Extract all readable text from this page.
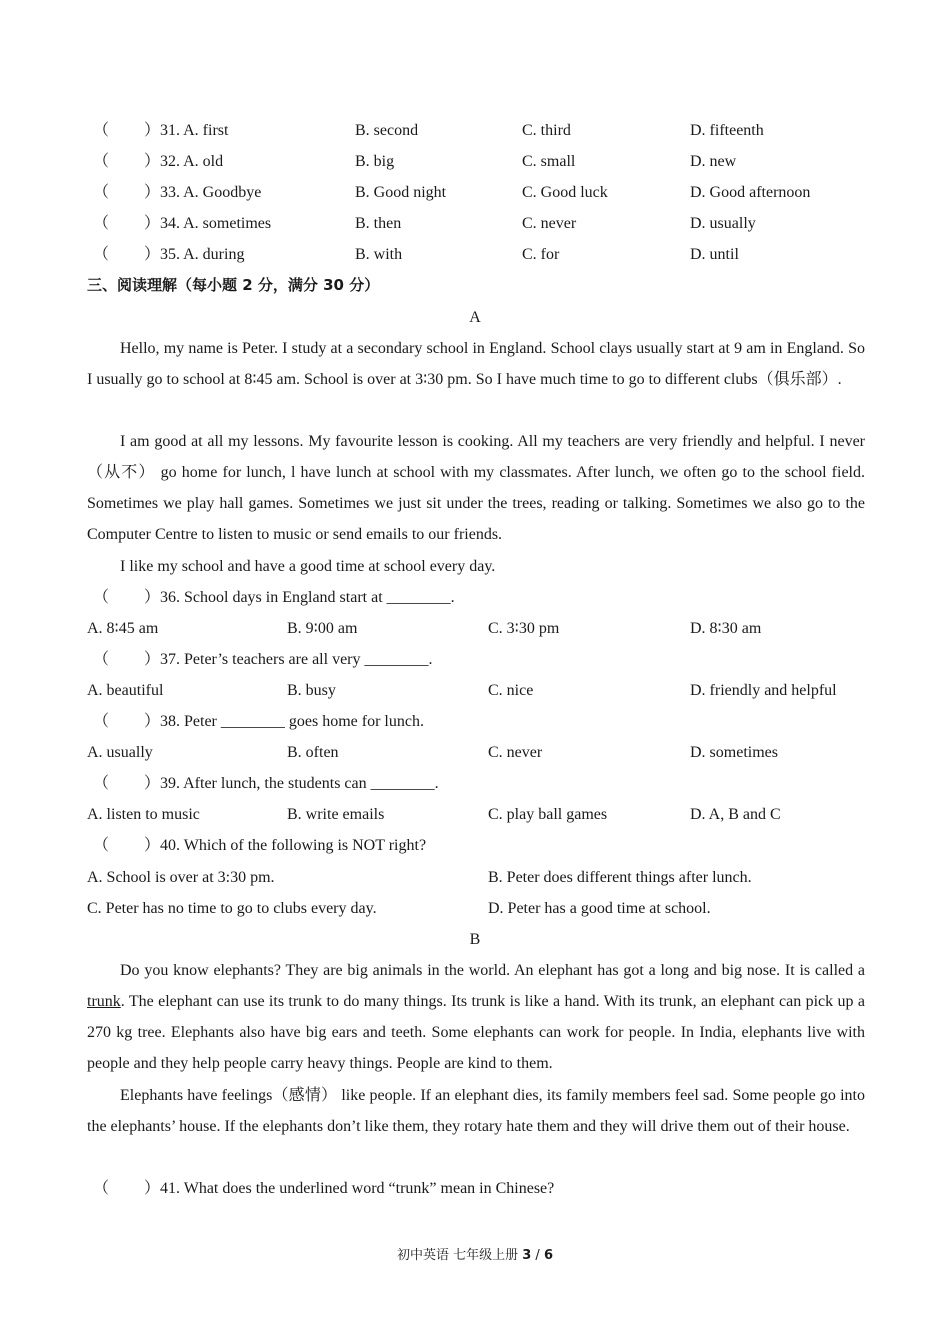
（ ）31. A. first	B. second	C. third	D. fifteenth
（ ）32. A. old	B. big	C. small	D. new
（ ）33. A. Goodbye	B. Good night	C. Good luck	D. Good afternoon
（ ）34. A. sometimes	B. then	C. never	D. usually
（ ）35. A. during	B. with	C. for	D. until
三、阅读理解（每小题 2 分，满分 30 分）
A

Hello, my name is Peter. I study at a secondary school in England. School clays usually start at 9 am in England. So I usually go to school at 8∶45 am. School is over at 3∶30 pm. So I have much time to go to different clubs（俱乐部）.

I am good at all my lessons. My favourite lesson is cooking. All my teachers are very friendly and helpful. I never（从不） go home for lunch, l have lunch at school with my classmates. After lunch, we often go to the school field. Sometimes we play hall games. Sometimes we just sit under the trees, reading or talking. Sometimes we also go to the Computer Centre to listen to music or send emails to our friends.

I like my school and have a good time at school every day.

（ ）36. School days in England start at ________.
A. 8∶45 am	B. 9∶00 am	C. 3∶30 pm	D. 8∶30 am
（ ）37. Peter’s teachers are all very ________.
A. beautiful	B. busy	C. nice	D. friendly and helpful
（ ）38. Peter ________ goes home for lunch.
A. usually	B. often	C. never	D. sometimes
（ ）39. After lunch, the students can ________.
A. listen to music	B. write emails	C. play ball games	D. A, B and C
（ ）40. Which of the following is NOT right?
A. School is over at 3:30 pm.	B. Peter does different things after lunch.
C. Peter has no time to go to clubs every day.	D. Peter has a good time at school.
B

Do you know elephants? They are big animals in the world. An elephant has got a long and big nose. It is called a trunk. The elephant can use its trunk to do many things. Its trunk is like a hand. With its trunk, an elephant can pick up a 270 kg tree. Elephants also have big ears and teeth. Some elephants can work for people. In India, elephants live with people and they help people carry heavy things. People are kind to them.

Elephants have feelings（感情） like people. If an elephant dies, its family members feel sad. Some people go into the elephants’ house. If the elephants don’t like them, they rotary hate them and they will drive them out of their house.

（ ）41. What does the underlined word “trunk” mean in Chinese?
初中英语 七年级上册 3 / 6
